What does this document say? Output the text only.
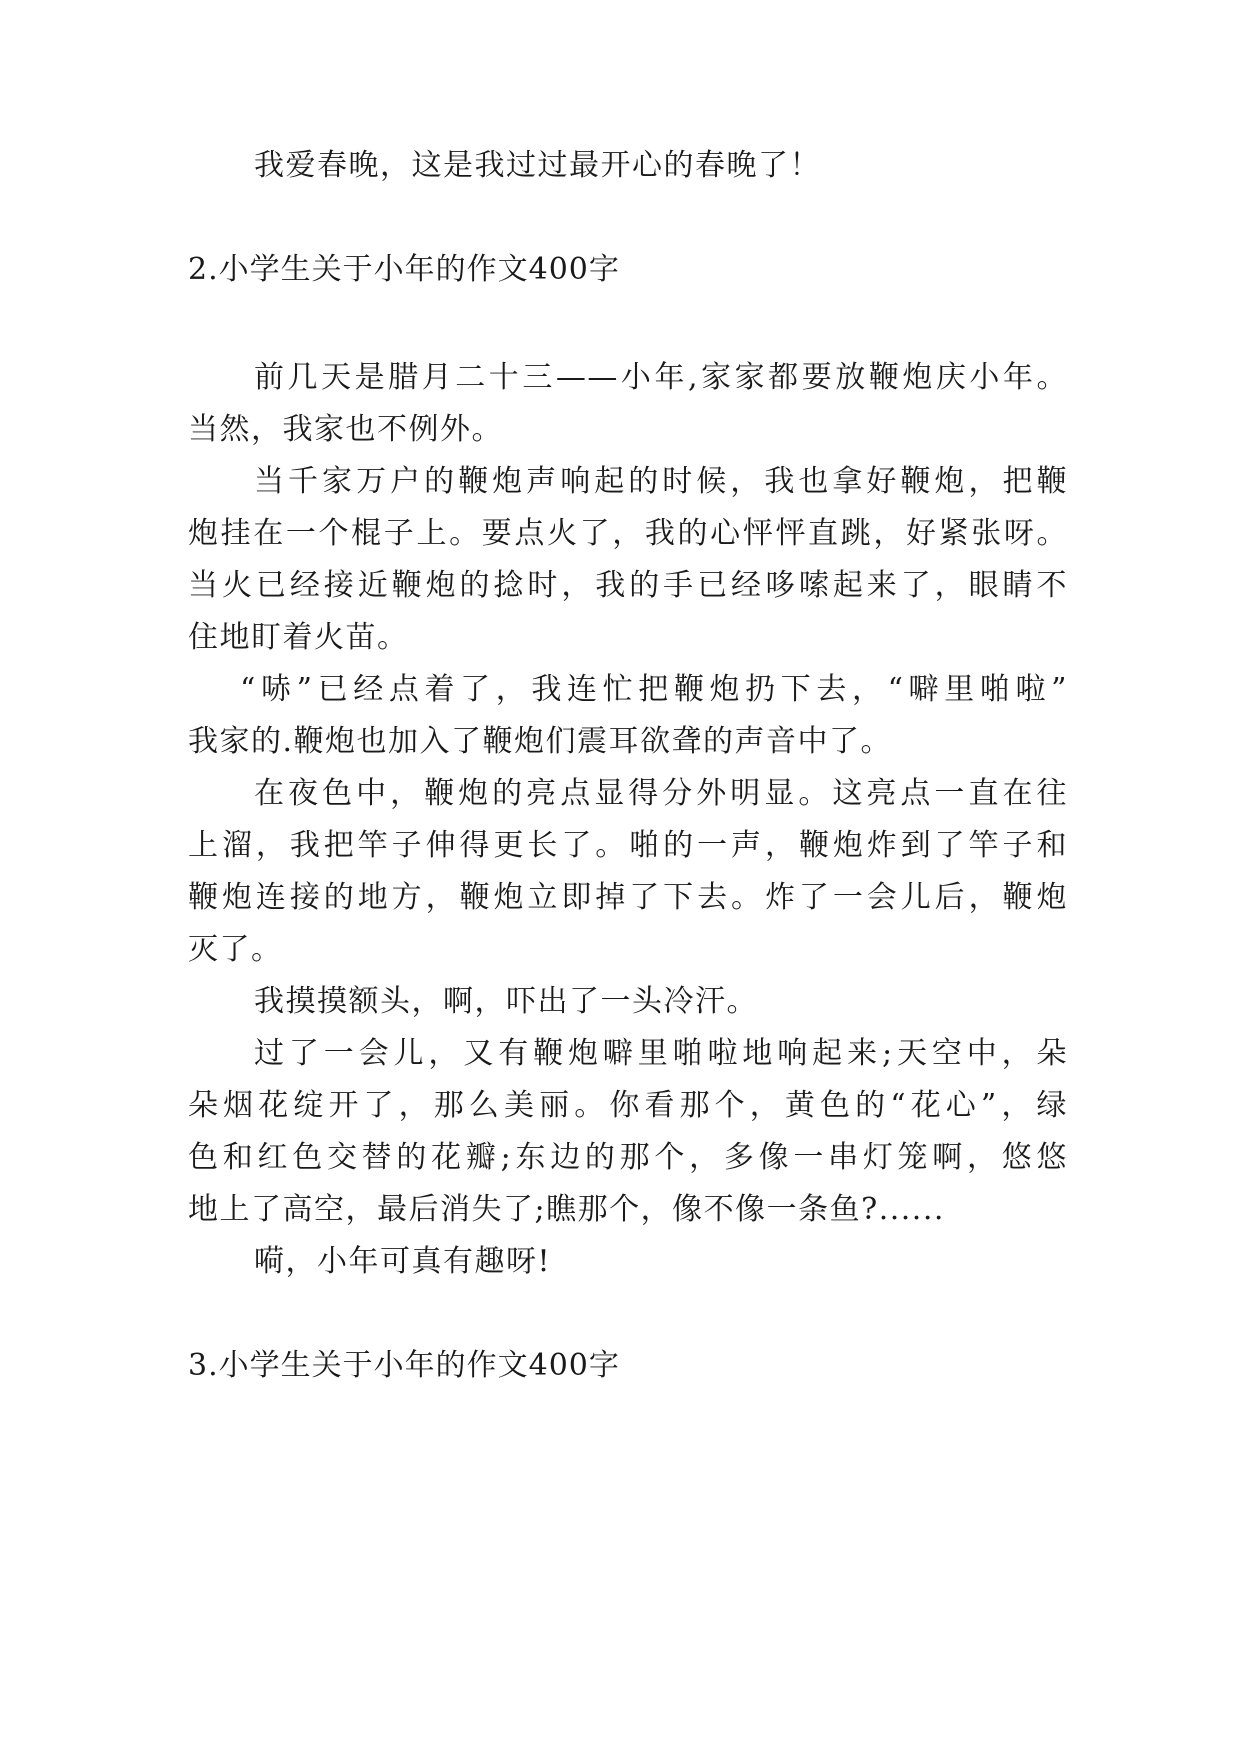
我爱春晚，这是我过过最开心的春晚了！
2.小学生关于小年的作文400字
前几天是腊月二十三——小年,家家都要放鞭炮庆小年。
当然，我家也不例外。
当千家万户的鞭炮声响起的时候，我也拿好鞭炮，把鞭
炮挂在一个棍子上。要点火了，我的心怦怦直跳，好紧张呀。
当火已经接近鞭炮的捻时，我的手已经哆嗦起来了，眼睛不
住地盯着火苗。
“哧”已经点着了，我连忙把鞭炮扔下去，“噼里啪啦”
我家的.鞭炮也加入了鞭炮们震耳欲聋的声音中了。
在夜色中，鞭炮的亮点显得分外明显。这亮点一直在往
上溜，我把竿子伸得更长了。啪的一声，鞭炮炸到了竿子和
鞭炮连接的地方，鞭炮立即掉了下去。炸了一会儿后，鞭炮
灭了。
我摸摸额头，啊，吓出了一头冷汗。
过了一会儿，又有鞭炮噼里啪啦地响起来;天空中，朵
朵烟花绽开了，那么美丽。你看那个，黄色的“花心”，绿
色和红色交替的花瓣;东边的那个，多像一串灯笼啊，悠悠
地上了高空，最后消失了;瞧那个，像不像一条鱼?......
嗬，小年可真有趣呀!
3.小学生关于小年的作文400字
